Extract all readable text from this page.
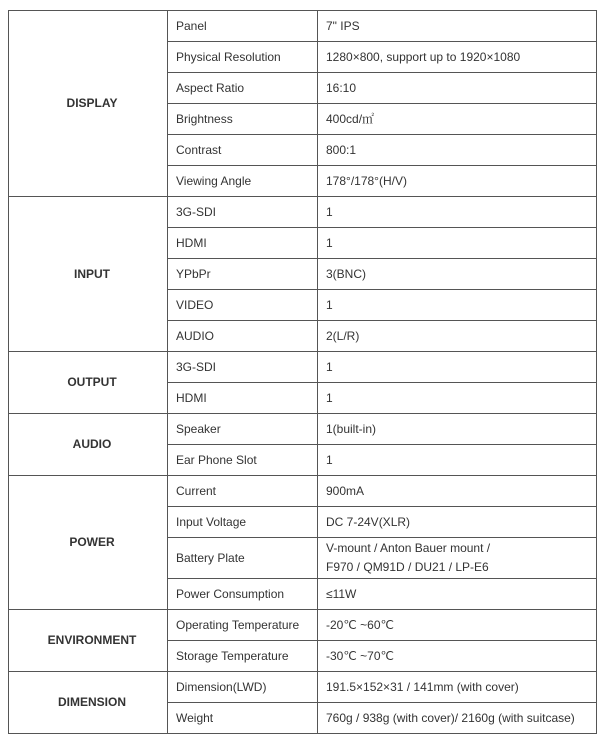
DISPLAY	Panel	7" IPS
	Physical Resolution	1280×800, support up to 1920×1080
	Aspect Ratio	16:10
	Brightness	400cd/㎡
	Contrast	800:1
	Viewing Angle	178°/178°(H/V)
INPUT	3G-SDI	1
	HDMI	1
	YPbPr	3(BNC)
	VIDEO	1
	AUDIO	2(L/R)
OUTPUT	3G-SDI	1
	HDMI	1
AUDIO	Speaker	1(built-in)
	Ear Phone Slot	1
POWER	Current	900mA
	Input Voltage	DC 7-24V(XLR)
	Battery Plate	V-mount / Anton Bauer mount /
F970 / QM91D / DU21 / LP-E6
	Power Consumption	≤11W
ENVIRONMENT	Operating Temperature	-20℃ ~60℃
	Storage Temperature	-30℃ ~70℃
DIMENSION	Dimension(LWD)	191.5×152×31 / 141mm (with cover)
	Weight	760g / 938g (with cover)/ 2160g (with suitcase)
